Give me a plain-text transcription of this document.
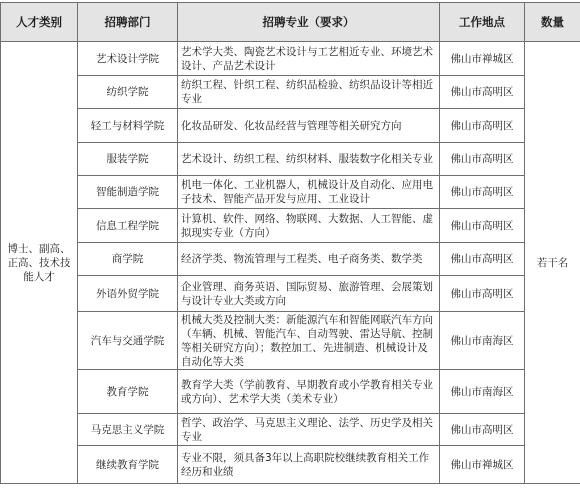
人才类别	招聘部门	招聘专业（要求）	工作地点	数量
博士、副高、正高、技术技能人才	艺术设计学院	艺术学大类、陶瓷艺术设计与工艺相近专业、环境艺术设计、产品艺术设计	佛山市禅城区	若干名
	纺织学院	纺织工程、针织工程、纺织品检验、纺织品设计等相近专业	佛山市高明区	
	轻工与材料学院	化妆品研发、化妆品经营与管理等相关研究方向	佛山市高明区	
	服装学院	艺术设计、纺织工程、纺织材料、服装数字化相关专业	佛山市高明区	
	智能制造学院	机电一体化、工业机器人，机械设计及自动化、应用电子技术、智能产品开发与应用、工业设计	佛山市高明区	
	信息工程学院	计算机、软件、网络、物联网、大数据、人工智能、虚拟现实专业（方向）	佛山市高明区	
	商学院	经济学类、物流管理与工程类、电子商务类、数学类	佛山市高明区	
	外语外贸学院	企业管理、商务英语、国际贸易、旅游管理、会展策划与设计专业大类或方向	佛山市高明区	
	汽车与交通学院	机械大类及控制大类：新能源汽车和智能网联汽车方向（车辆、机械、智能汽车、自动驾驶、雷达导航、控制等相关研究方向）；数控加工、先进制造、机械设计及自动化等大类	佛山市南海区	
	教育学院	教育学大类（学前教育、早期教育或小学教育相关专业或方向）、艺术学大类（美术专业）	佛山市南海区	
	马克思主义学院	哲学、政治学、马克思主义理论、法学、历史学及相关专业	佛山市高明区	
	继续教育学院	专业不限，须具备3年以上高职院校继续教育相关工作经历和业绩	佛山市禅城区	
